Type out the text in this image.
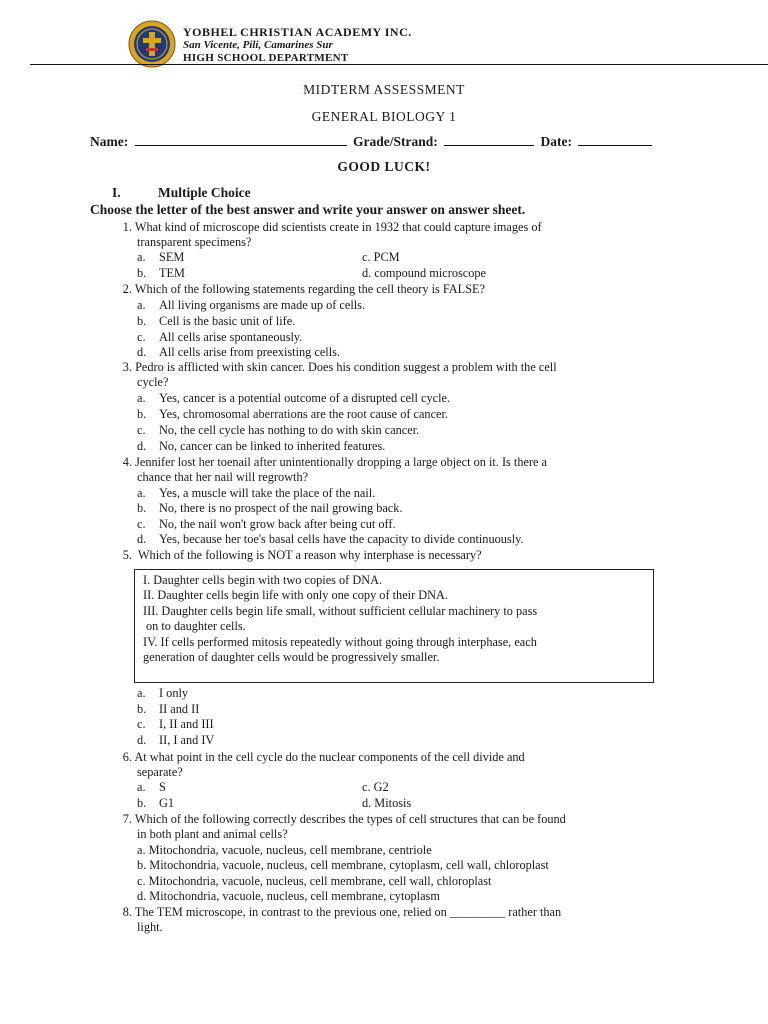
YOBHEL CHRISTIAN ACADEMY INC.
San Vicente, Pili, Camarines Sur
HIGH SCHOOL DEPARTMENT
MIDTERM ASSESSMENT
GENERAL BIOLOGY 1
Name:	Grade/Strand:	Date:
GOOD LUCK!
I.	Multiple Choice
Choose the letter of the best answer and write your answer on answer sheet.
1. What kind of microscope did scientists create in 1932 that could capture images of
transparent specimens?
a. SEM	c. PCM
b. TEM	d. compound microscope
2. Which of the following statements regarding the cell theory is FALSE?
a. All living organisms are made up of cells.
b. Cell is the basic unit of life.
c. All cells arise spontaneously.
d. All cells arise from preexisting cells.
3. Pedro is afflicted with skin cancer. Does his condition suggest a problem with the cell
cycle?
a. Yes, cancer is a potential outcome of a disrupted cell cycle.
b. Yes, chromosomal aberrations are the root cause of cancer.
c. No, the cell cycle has nothing to do with skin cancer.
d. No, cancer can be linked to inherited features.
4. Jennifer lost her toenail after unintentionally dropping a large object on it. Is there a
chance that her nail will regrowth?
a. Yes, a muscle will take the place of the nail.
b. No, there is no prospect of the nail growing back.
c. No, the nail won't grow back after being cut off.
d. Yes, because her toe's basal cells have the capacity to divide continuously.
5. Which of the following is NOT a reason why interphase is necessary?
I. Daughter cells begin with two copies of DNA.
II. Daughter cells begin life with only one copy of their DNA.
III. Daughter cells begin life small, without sufficient cellular machinery to pass
on to daughter cells.
IV. If cells performed mitosis repeatedly without going through interphase, each
generation of daughter cells would be progressively smaller.
a. I only
b. II and II
c. I, II and III
d. II, I and IV
6. At what point in the cell cycle do the nuclear components of the cell divide and
separate?
a. S	c. G2
b. G1	d. Mitosis
7. Which of the following correctly describes the types of cell structures that can be found
in both plant and animal cells?
a. Mitochondria, vacuole, nucleus, cell membrane, centriole
b. Mitochondria, vacuole, nucleus, cell membrane, cytoplasm, cell wall, chloroplast
c. Mitochondria, vacuole, nucleus, cell membrane, cell wall, chloroplast
d. Mitochondria, vacuole, nucleus, cell membrane, cytoplasm
8. The TEM microscope, in contrast to the previous one, relied on _________ rather than
light.
